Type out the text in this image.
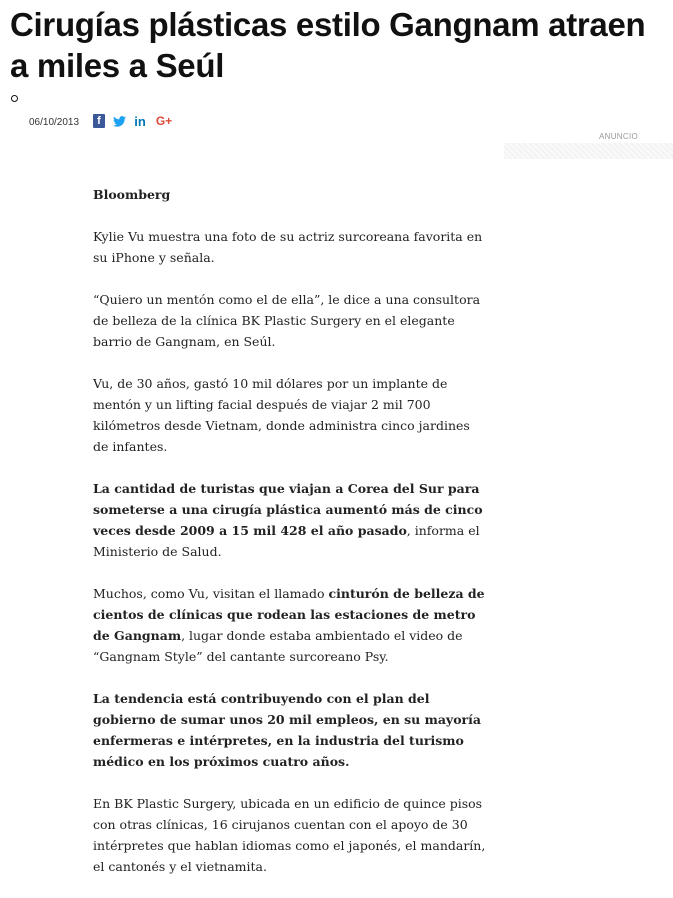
Cirugías plásticas estilo Gangnam atraen a miles a Seúl
06/10/2013	f	in G+
ANUNCIO

Bloomberg

Kylie Vu muestra una foto de su actriz surcoreana favorita en su iPhone y señala.

“Quiero un mentón como el de ella”, le dice a una consultora de belleza de la clínica BK Plastic Surgery en el elegante barrio de Gangnam, en Seúl.

Vu, de 30 años, gastó 10 mil dólares por un implante de mentón y un lifting facial después de viajar 2 mil 700 kilómetros desde Vietnam, donde administra cinco jardines de infantes.

La cantidad de turistas que viajan a Corea del Sur para someterse a una cirugía plástica aumentó más de cinco veces desde 2009 a 15 mil 428 el año pasado, informa el Ministerio de Salud.

Muchos, como Vu, visitan el llamado cinturón de belleza de cientos de clínicas que rodean las estaciones de metro de Gangnam, lugar donde estaba ambientado el video de “Gangnam Style” del cantante surcoreano Psy.

La tendencia está contribuyendo con el plan del gobierno de sumar unos 20 mil empleos, en su mayoría enfermeras e intérpretes, en la industria del turismo médico en los próximos cuatro años.

En BK Plastic Surgery, ubicada en un edificio de quince pisos con otras clínicas, 16 cirujanos cuentan con el apoyo de 30 intérpretes que hablan idiomas como el japonés, el mandarín, el cantonés y el vietnamita.
